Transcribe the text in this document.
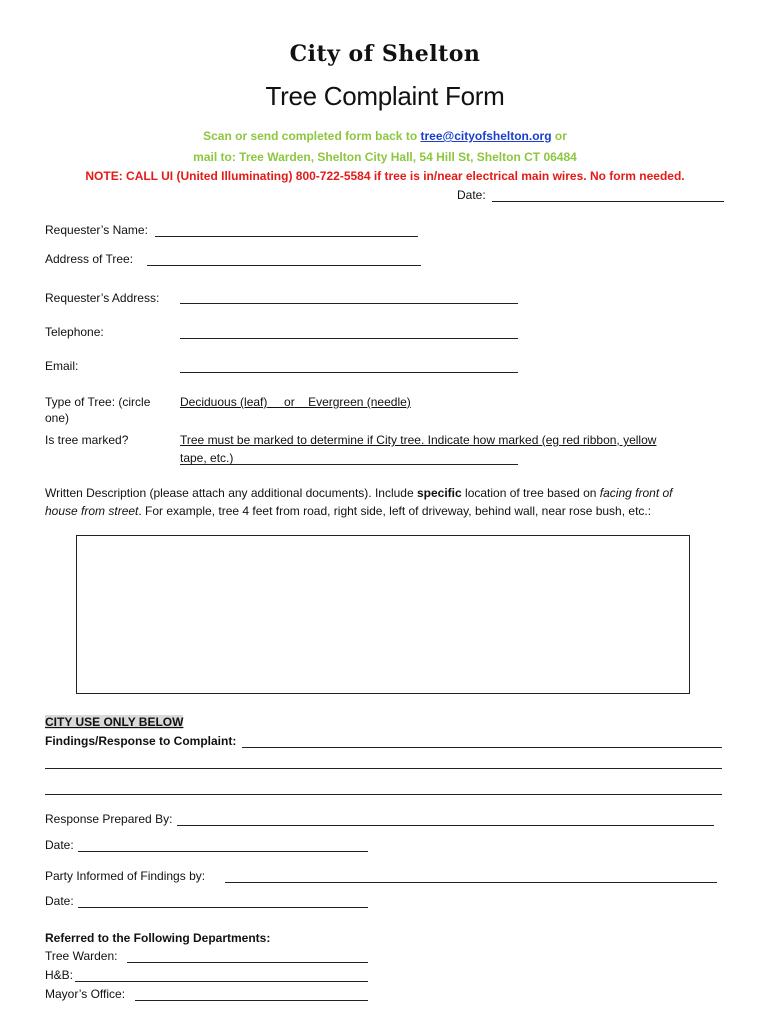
City of Shelton
Tree Complaint Form
Scan or send completed form back to tree@cityofshelton.org or
mail to: Tree Warden, Shelton City Hall, 54 Hill St, Shelton CT 06484
NOTE: CALL UI (United Illuminating) 800-722-5584 if tree is in/near electrical main wires. No form needed.
Date:
Requester’s Name:
Address of Tree:
Requester’s Address:
Telephone:
Email:
Type of Tree: (circle
one)
Deciduous (leaf) or Evergreen (needle)
Is tree marked?	Tree must be marked to determine if City tree. Indicate how marked (eg red ribbon, yellow
tape, etc.)
Written Description (please attach any additional documents). Include specific location of tree based on facing front of
house from street. For example, tree 4 feet from road, right side, left of driveway, behind wall, near rose bush, etc.:
CITY USE ONLY BELOW
Findings/Response to Complaint:
Response Prepared By:
Date:
Party Informed of Findings by:
Date:
Referred to the Following Departments:
Tree Warden:
H&B:
Mayor’s Office:
